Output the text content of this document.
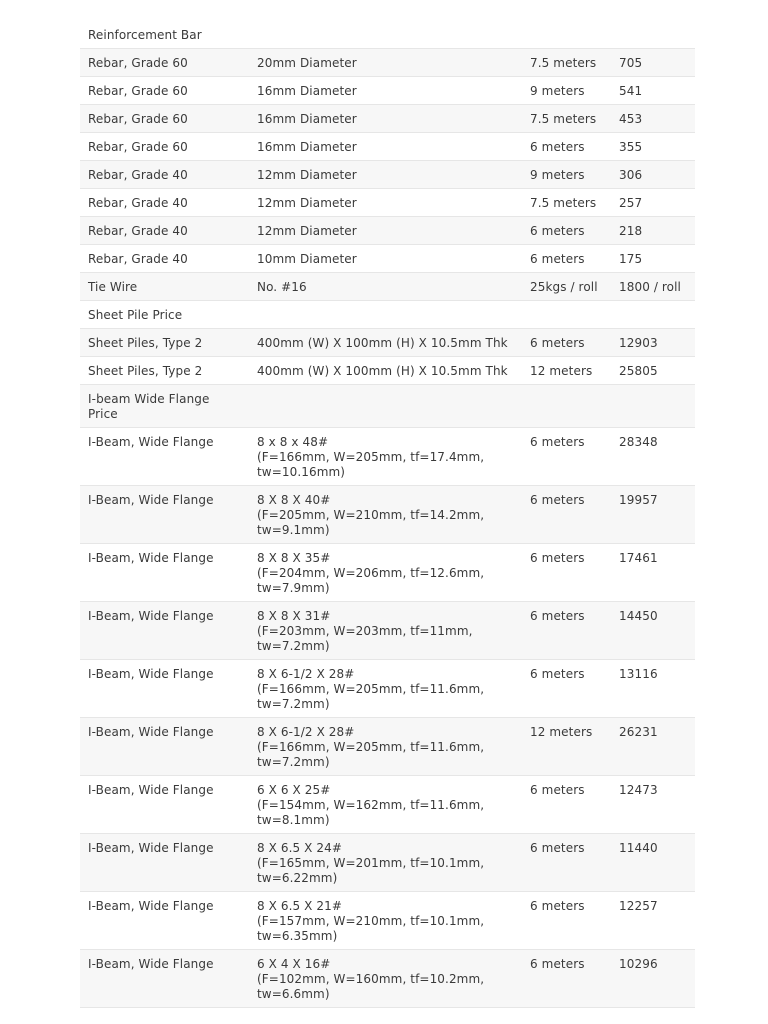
Reinforcement Bar			
Rebar, Grade 60	20mm Diameter	7.5 meters	705
Rebar, Grade 60	16mm Diameter	9 meters	541
Rebar, Grade 60	16mm Diameter	7.5 meters	453
Rebar, Grade 60	16mm Diameter	6 meters	355
Rebar, Grade 40	12mm Diameter	9 meters	306
Rebar, Grade 40	12mm Diameter	7.5 meters	257
Rebar, Grade 40	12mm Diameter	6 meters	218
Rebar, Grade 40	10mm Diameter	6 meters	175
Tie Wire	No. #16	25kgs / roll	1800 / roll
Sheet Pile Price			
Sheet Piles, Type 2	400mm (W) X 100mm (H) X 10.5mm Thk	6 meters	12903
Sheet Piles, Type 2	400mm (W) X 100mm (H) X 10.5mm Thk	12 meters	25805
I-beam Wide Flange Price			
I-Beam, Wide Flange	8 x 8 x 48#
(F=166mm, W=205mm, tf=17.4mm,
tw=10.16mm)	6 meters	28348
I-Beam, Wide Flange	8 X 8 X 40#
(F=205mm, W=210mm, tf=14.2mm,
tw=9.1mm)	6 meters	19957
I-Beam, Wide Flange	8 X 8 X 35#
(F=204mm, W=206mm, tf=12.6mm,
tw=7.9mm)	6 meters	17461
I-Beam, Wide Flange	8 X 8 X 31#
(F=203mm, W=203mm, tf=11mm,
tw=7.2mm)	6 meters	14450
I-Beam, Wide Flange	8 X 6-1/2 X 28#
(F=166mm, W=205mm, tf=11.6mm,
tw=7.2mm)	6 meters	13116
I-Beam, Wide Flange	8 X 6-1/2 X 28#
(F=166mm, W=205mm, tf=11.6mm,
tw=7.2mm)	12 meters	26231
I-Beam, Wide Flange	6 X 6 X 25#
(F=154mm, W=162mm, tf=11.6mm,
tw=8.1mm)	6 meters	12473
I-Beam, Wide Flange	8 X 6.5 X 24#
(F=165mm, W=201mm, tf=10.1mm,
tw=6.22mm)	6 meters	11440
I-Beam, Wide Flange	8 X 6.5 X 21#
(F=157mm, W=210mm, tf=10.1mm,
tw=6.35mm)	6 meters	12257
I-Beam, Wide Flange	6 X 4 X 16#
(F=102mm, W=160mm, tf=10.2mm,
tw=6.6mm)	6 meters	10296
